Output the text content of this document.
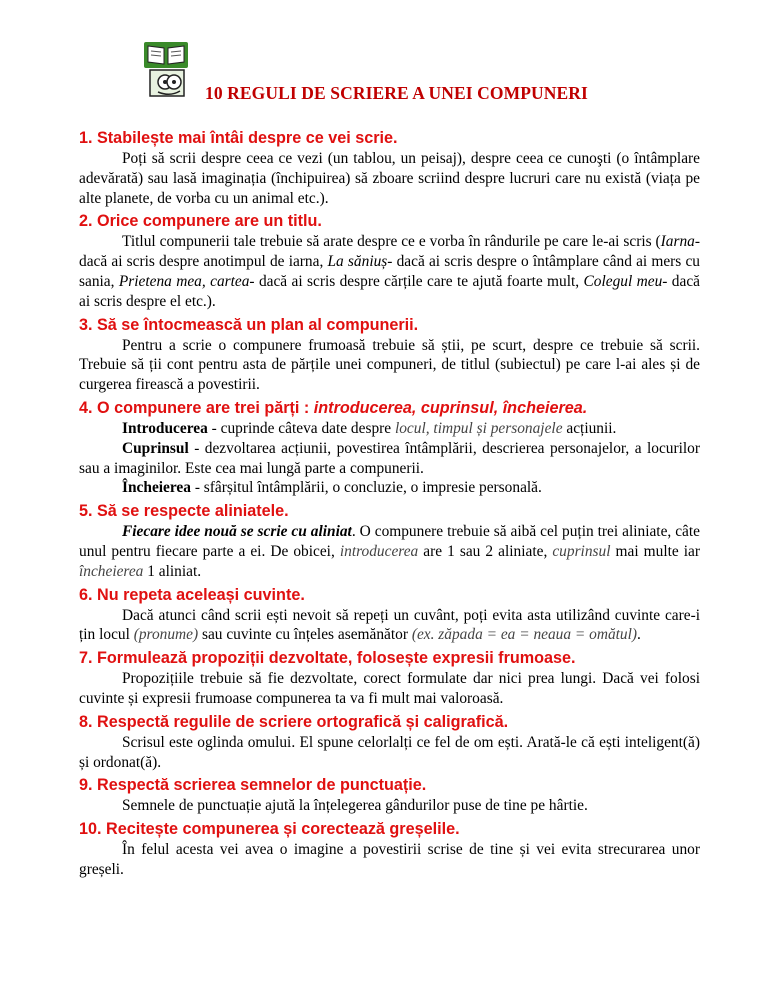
10 REGULI DE SCRIERE A UNEI COMPUNERI
1. Stabilește mai întâi despre ce vei scrie.
Poți să scrii despre ceea ce vezi (un tablou, un peisaj), despre ceea ce cunoşti (o întâmplare adevărată) sau lasă imaginația (închipuirea) să zboare scriind despre lucruri care nu există (viața pe alte planete, de vorba cu un animal etc.).
2. Orice compunere are un titlu.
Titlul compunerii tale trebuie să arate despre ce e vorba în rândurile pe care le-ai scris (Iarna- dacă ai scris despre anotimpul de iarna, La săniuș- dacă ai scris despre o întâmplare când ai mers cu sania, Prietena mea, cartea- dacă ai scris despre cărțile care te ajută foarte mult, Colegul meu- dacă ai scris despre el etc.).
3. Să se întocmească un plan al compunerii.
Pentru a scrie o compunere frumoasă trebuie să știi, pe scurt, despre ce trebuie să scrii. Trebuie să ții cont pentru asta de părțile unei compuneri, de titlul (subiectul) pe care l-ai ales și de curgerea firească a povestirii.
4. O compunere are trei părți : introducerea, cuprinsul, încheierea.
Introducerea - cuprinde câteva date despre locul, timpul și personajele acțiunii.
Cuprinsul - dezvoltarea acțiunii, povestirea întâmplării, descrierea personajelor, a locurilor sau a imaginilor. Este cea mai lungă parte a compunerii.
Încheierea - sfârșitul întâmplării, o concluzie, o impresie personală.
5. Să se respecte aliniatele.
Fiecare idee nouă se scrie cu aliniat. O compunere trebuie să aibă cel puțin trei aliniate, câte unul pentru fiecare parte a ei. De obicei, introducerea are 1 sau 2 aliniate, cuprinsul mai multe iar încheierea 1 aliniat.
6. Nu repeta aceleași cuvinte.
Dacă atunci când scrii ești nevoit să repeți un cuvânt, poți evita asta utilizând cuvinte care-i țin locul (pronume) sau cuvinte cu înțeles asemănător (ex. zăpada = ea = neaua = omătul).
7. Formulează propoziții dezvoltate, folosește expresii frumoase.
Propozițiile trebuie să fie dezvoltate, corect formulate dar nici prea lungi. Dacă vei folosi cuvinte și expresii frumoase compunerea ta va fi mult mai valoroasă.
8. Respectă regulile de scriere ortografică și caligrafică.
Scrisul este oglinda omului. El spune celorlalți ce fel de om ești. Arată-le că ești inteligent(ă) și ordonat(ă).
9. Respectă scrierea semnelor de punctuație.
Semnele de punctuație ajută la înțelegerea gândurilor puse de tine pe hârtie.
10. Recitește compunerea și corectează greșelile.
În felul acesta vei avea o imagine a povestirii scrise de tine și vei evita strecurarea unor greșeli.
